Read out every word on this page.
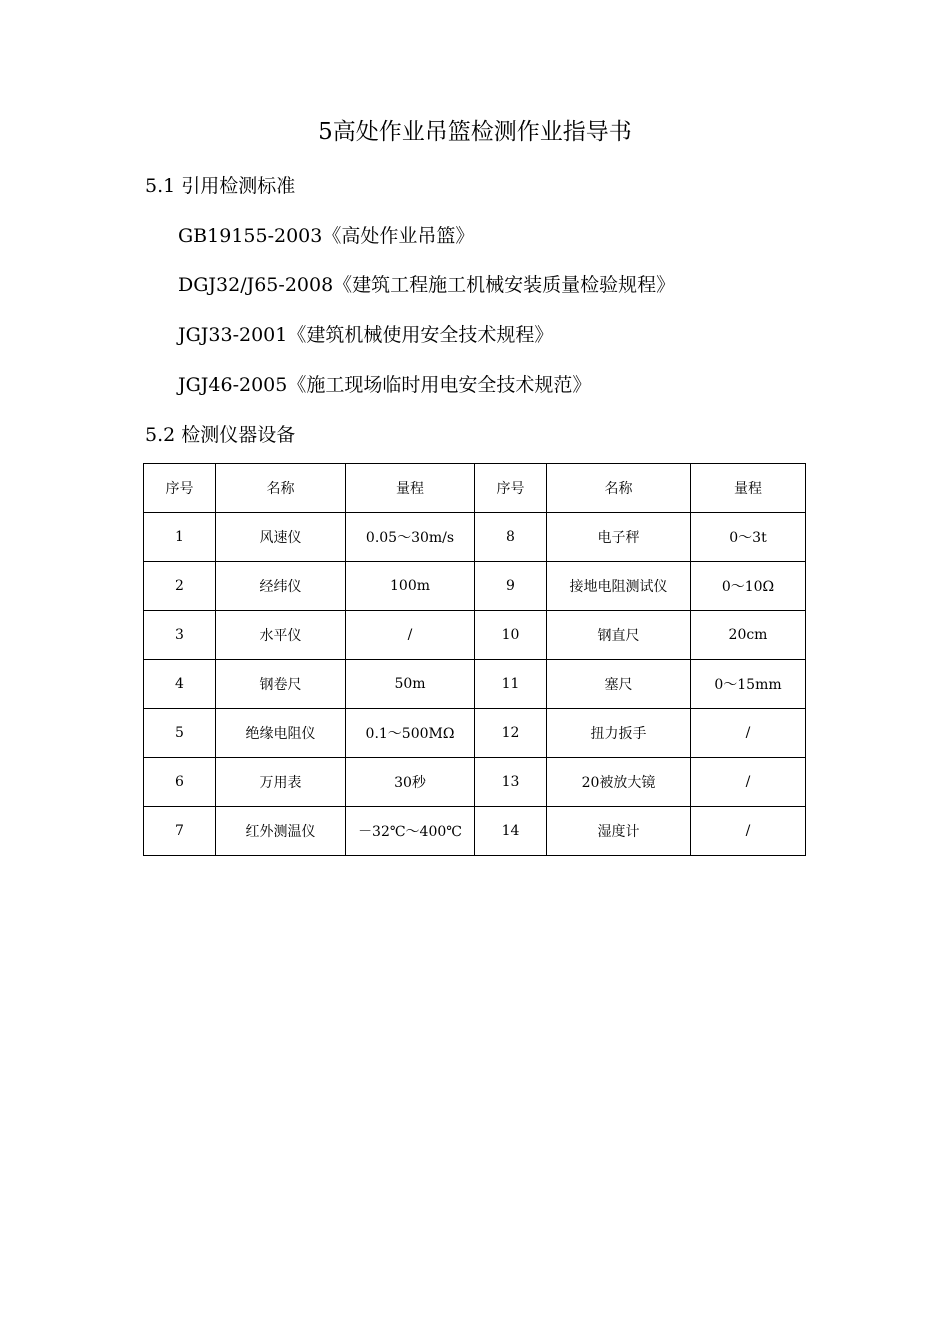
5高处作业吊篮检测作业指导书
5.1 引用检测标准
GB19155-2003《高处作业吊篮》
DGJ32/J65-2008《建筑工程施工机械安装质量检验规程》
JGJ33-2001《建筑机械使用安全技术规程》
JGJ46-2005《施工现场临时用电安全技术规范》
5.2 检测仪器设备
序号	名称	量程	序号	名称	量程
1	风速仪	0.05～30m/s	8	电子秤	0～3t
2	经纬仪	100m	9	接地电阻测试仪	0～10Ω
3	水平仪	/	10	钢直尺	20cm
4	钢卷尺	50m	11	塞尺	0～15mm
5	绝缘电阻仪	0.1～500MΩ	12	扭力扳手	/
6	万用表	30秒	13	20被放大镜	/
7	红外测温仪	－32℃～400℃	14	湿度计	/
